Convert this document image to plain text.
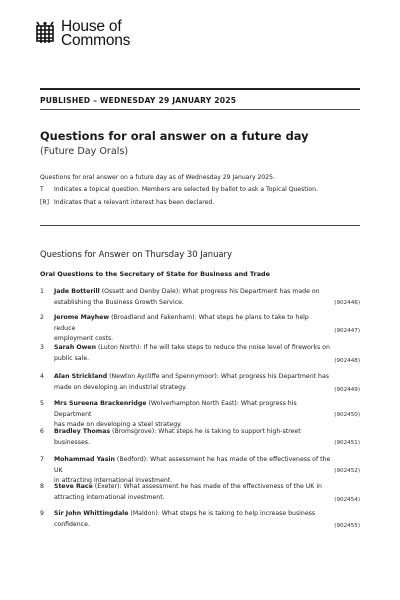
House of
Commons
PUBLISHED – WEDNESDAY 29 JANUARY 2025
Questions for oral answer on a future day
(Future Day Orals)
Questions for oral answer on a future day as of Wednesday 29 January 2025.
T	Indicates a topical question. Members are selected by ballot to ask a Topical Question.
[R] Indicates that a relevant interest has been declared.
Questions for Answer on Thursday 30 January
Oral Questions to the Secretary of State for Business and Trade
1 Jade Botterill (Ossett and Denby Dale): What progress his Department has made on
establishing the Business Growth Service.	(902446)
2 Jerome Mayhew (Broadland and Fakenham): What steps he plans to take to help reduce
employment costs.
(902447)
3 Sarah Owen (Luton North): If he will take steps to reduce the noise level of fireworks on
public sale.	(902448)
4 Alan Strickland (Newton Aycliffe and Spennymoor): What progress his Department has
made on developing an industrial strategy.	(902449)
5 Mrs Sureena Brackenridge (Wolverhampton North East): What progress his Department
has made on developing a steel strategy.
(902450)
6 Bradley Thomas (Bromsgrove): What steps he is taking to support high-street businesses.	(902451)
7 Mohammad Yasin (Bedford): What assessment he has made of the effectiveness of the UK
in attracting international investment.
(902452)
8 Steve Race (Exeter): What assessment he has made of the effectiveness of the UK in
attracting international investment.	(902454)
9 Sir John Whittingdale (Maldon): What steps he is taking to help increase business
confidence.	(902455)
